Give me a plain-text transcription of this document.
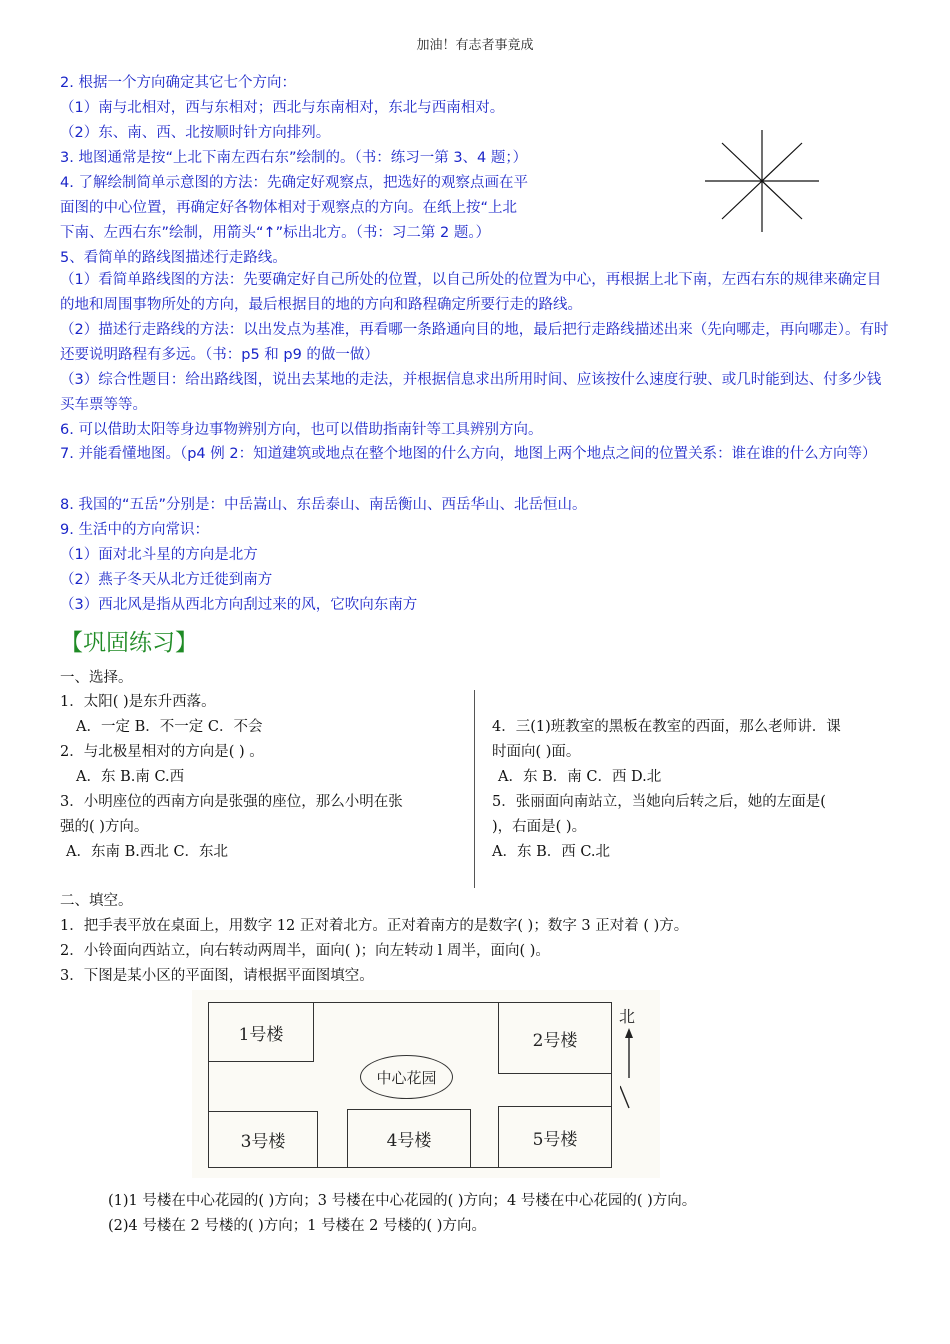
加油！有志者事竟成
2. 根据一个方向确定其它七个方向：
（1）南与北相对，西与东相对；西北与东南相对，东北与西南相对。
（2）东、南、西、北按顺时针方向排列。
3. 地图通常是按“上北下南左西右东”绘制的。（书：练习一第 3、4 题；）
4. 了解绘制简单示意图的方法：先确定好观察点，把选好的观察点画在平
面图的中心位置，再确定好各物体相对于观察点的方向。在纸上按“上北
下南、左西右东”绘制，用箭头“↑”标出北方。（书：习二第 2 题。）
5、看简单的路线图描述行走路线。
（1）看简单路线图的方法：先要确定好自己所处的位置，以自己所处的位置为中心，再根据上北下南，左西右东的规律来确定目的地和周围事物所处的方向，最后根据目的地的方向和路程确定所要行走的路线。
（2）描述行走路线的方法：以出发点为基准，再看哪一条路通向目的地，最后把行走路线描述出来（先向哪走，再向哪走）。有时还要说明路程有多远。（书：p5 和 p9 的做一做）
（3）综合性题目：给出路线图，说出去某地的走法，并根据信息求出所用时间、应该按什么速度行驶、或几时能到达、付多少钱买车票等等。
6. 可以借助太阳等身边事物辨别方向，也可以借助指南针等工具辨别方向。
7. 并能看懂地图。（p4 例 2：知道建筑或地点在整个地图的什么方向，地图上两个地点之间的位置关系：谁在谁的什么方向等）
8. 我国的“五岳”分别是：中岳嵩山、东岳泰山、南岳衡山、西岳华山、北岳恒山。
9. 生活中的方向常识：
（1）面对北斗星的方向是北方
（2）燕子冬天从北方迁徙到南方
（3）西北风是指从西北方向刮过来的风，它吹向东南方
【巩固练习】
一、选择。
1．太阳( )是东升西落。
A．一定 B．不一定 C．不会
2．与北极星相对的方向是( ) 。
A．东 B.南 C.西
3．小明座位的西南方向是张强的座位，那么小明在张
强的( )方向。
A．东南 B.西北 C．东北
4．三(1)班教室的黑板在教室的西面，那么老师讲．课
时面向( )面。
A．东 B．南 C．西 D.北
5．张丽面向南站立，当她向后转之后，她的左面是(
)，右面是( )。
A．东 B．西 C.北
二、填空。
1．把手表平放在桌面上，用数字 12 正对着北方。正对着南方的是数字( )；数字 3 正对着 ( )方。
2．小铃面向西站立，向右转动两周半，面向( )；向左转动 l 周半，面向( )。
3．下图是某小区的平面图，请根据平面图填空。
1号楼	2号楼
3号楼	4号楼	5号楼
中心花园
北
(1)1 号楼在中心花园的( )方向；3 号楼在中心花园的( )方向；4 号楼在中心花园的( )方向。
(2)4 号楼在 2 号楼的( )方向；1 号楼在 2 号楼的( )方向。
